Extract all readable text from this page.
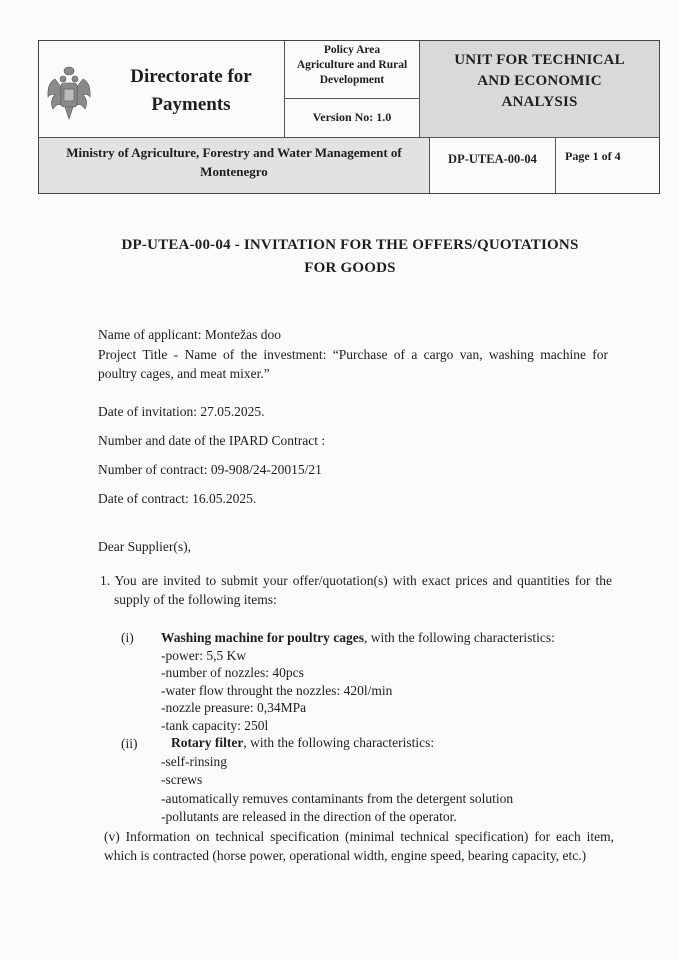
Directorate for
Payments
Policy Area
Agriculture and Rural
Development
Version No: 1.0
UNIT FOR TECHNICAL
AND ECONOMIC
ANALYSIS
Ministry of Agriculture, Forestry and Water Management of
Montenegro
DP-UTEA-00-04	Page 1 of 4
DP-UTEA-00-04 - INVITATION FOR THE OFFERS/QUOTATIONS
FOR GOODS
Name of applicant: Montežas doo
Project Title - Name of the investment: “Purchase of a cargo van, washing machine for
poultry cages, and meat mixer.”
Date of invitation: 27.05.2025.
Number and date of the IPARD Contract :
Number of contract: 09-908/24-20015/21
Date of contract: 16.05.2025.
Dear Supplier(s),
1. You are invited to submit your offer/quotation(s) with exact prices and quantities for the
supply of the following items:
(i) Washing machine for poultry cages, with the following characteristics:
-power: 5,5 Kw
-number of nozzles: 40pcs
-water flow throught the nozzles: 420l/min
-nozzle preasure: 0,34MPa
-tank capacity: 250l
(ii)	Rotary filter, with the following characteristics:
-self-rinsing
-screws
-automatically remuves contaminants from the detergent solution
-pollutants are released in the direction of the operator.
(v) Information on technical specification (minimal technical specification) for each item,
which is contracted (horse power, operational width, engine speed, bearing capacity, etc.)
